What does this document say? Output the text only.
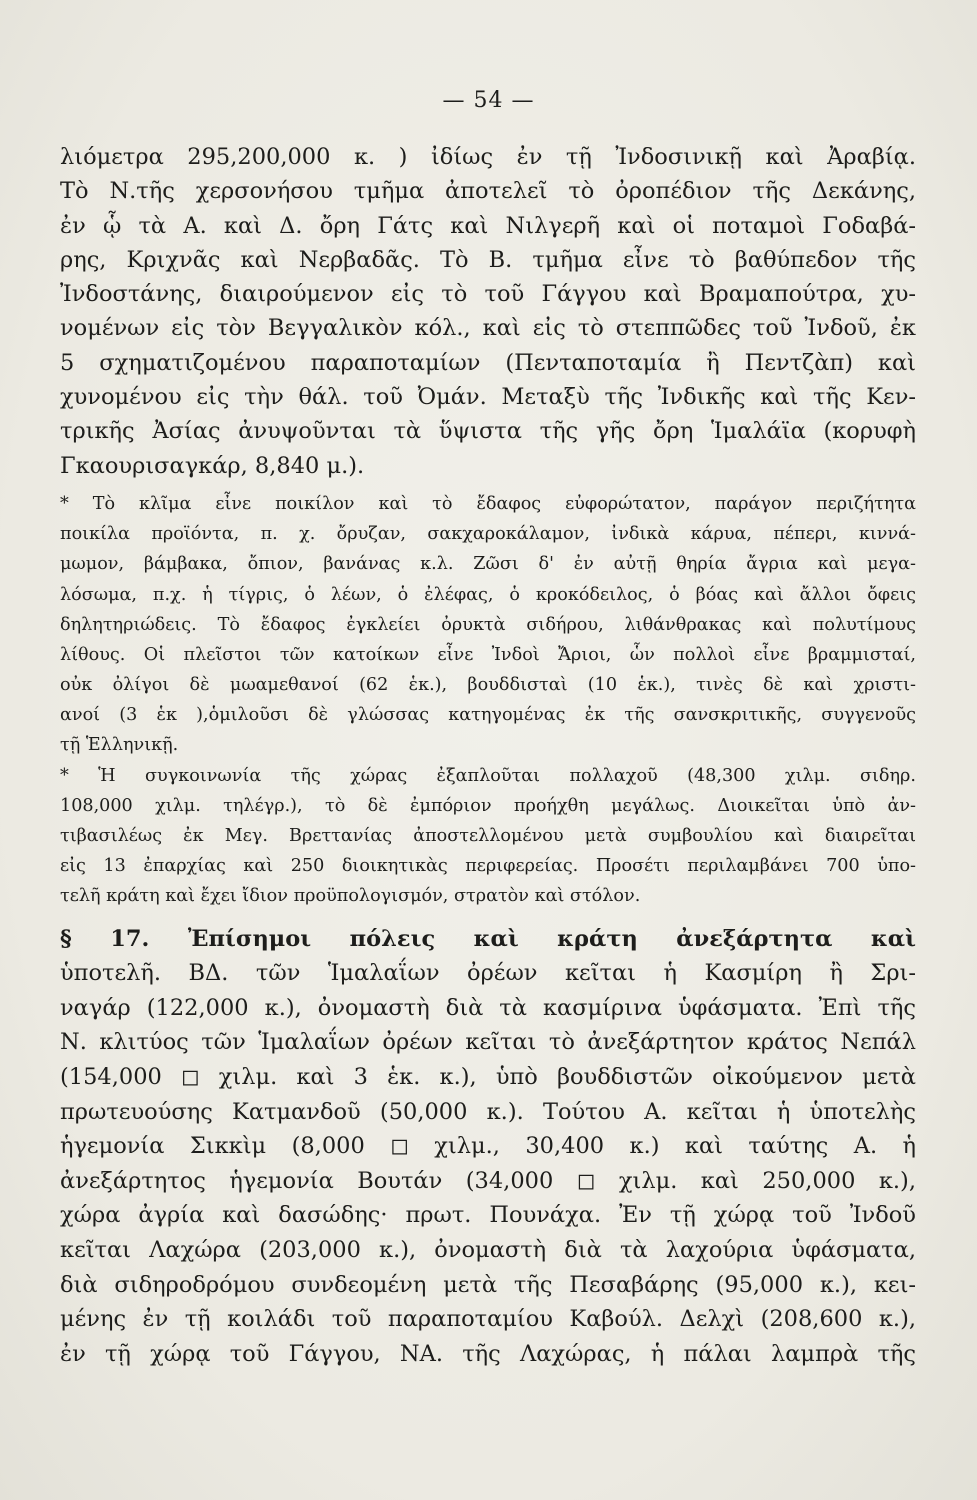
— 54 —
λιόμετρα 295,200,000 κ. ) ἰδίως ἐν τῇ Ἰνδοσινικῇ καὶ Ἀραβίᾳ.
Τὸ Ν.τῆς χερσονήσου τμῆμα ἀποτελεῖ τὸ ὀροπέδιον τῆς Δεκάνης,
ἐν ᾧ τὰ Α. καὶ Δ. ὄρη Γάτς καὶ Νιλγερῆ καὶ οἱ ποταμοὶ Γοδαβά-
ρης, Κριχνᾶς καὶ Νερβαδᾶς. Τὸ Β. τμῆμα εἶνε τὸ βαθύπεδον τῆς
Ἰνδοστάνης, διαιρούμενον εἰς τὸ τοῦ Γάγγου καὶ Βραμαπούτρα, χυ-
νομένων εἰς τὸν Βεγγαλικὸν κόλ., καὶ εἰς τὸ στεππῶδες τοῦ Ἰνδοῦ, ἐκ
5 σχηματιζομένου παραποταμίων (Πενταποταμία ἢ Πεντζὰπ) καὶ
χυνομένου εἰς τὴν θάλ. τοῦ Ὀμάν. Μεταξὺ τῆς Ἰνδικῆς καὶ τῆς Κεν-
τρικῆς Ἀσίας ἀνυψοῦνται τὰ ὕψιστα τῆς γῆς ὄρη Ἱμαλάϊα (κορυφὴ
Γκαουρισαγκάρ, 8,840 μ.).
* Τὸ κλῖμα εἶνε ποικίλον καὶ τὸ ἔδαφος εὐφορώτατον, παράγον περιζήτητα
ποικίλα προϊόντα, π. χ. ὄρυζαν, σακχαροκάλαμον, ἰνδικὰ κάρυα, πέπερι, κιννά-
μωμον, βάμβακα, ὄπιον, βανάνας κ.λ. Ζῶσι δ' ἐν αὐτῇ θηρία ἄγρια καὶ μεγα-
λόσωμα, π.χ. ἡ τίγρις, ὁ λέων, ὁ ἐλέφας, ὁ κροκόδειλος, ὁ βόας καὶ ἄλλοι ὄφεις
δηλητηριώδεις. Τὸ ἔδαφος ἐγκλείει ὀρυκτὰ σιδήρου, λιθάνθρακας καὶ πολυτίμους
λίθους. Οἱ πλεῖστοι τῶν κατοίκων εἶνε Ἰνδοὶ Ἄριοι, ὧν πολλοὶ εἶνε βραμμισταί,
οὐκ ὀλίγοι δὲ μωαμεθανοί (62 ἑκ.), βουδδισταὶ (10 ἑκ.), τινὲς δὲ καὶ χριστι-
ανοί (3 ἑκ ),ὁμιλοῦσι δὲ γλώσσας κατηγομένας ἐκ τῆς σανσκριτικῆς, συγγενοῦς
τῇ Ἑλληνικῇ.
* Ἡ συγκοινωνία τῆς χώρας ἐξαπλοῦται πολλαχοῦ (48,300 χιλμ. σιδηρ.
108,000 χιλμ. τηλέγρ.), τὸ δὲ ἐμπόριον προήχθη μεγάλως. Διοικεῖται ὑπὸ ἀν-
τιβασιλέως ἐκ Μεγ. Βρεττανίας ἀποστελλομένου μετὰ συμβουλίου καὶ διαιρεῖται
εἰς 13 ἐπαρχίας καὶ 250 διοικητικὰς περιφερείας. Προσέτι περιλαμβάνει 700 ὑπο-
τελῆ κράτη καὶ ἔχει ἴδιον προϋπολογισμόν, στρατὸν καὶ στόλον.
§ 17. Ἐπίσημοι πόλεις καὶ κράτη ἀνεξάρτητα καὶ
ὑποτελῆ. ΒΔ. τῶν Ἱμαλαΐων ὀρέων κεῖται ἡ Κασμίρη ἢ Σρι-
ναγάρ (122,000 κ.), ὀνομαστὴ διὰ τὰ κασμίρινα ὑφάσματα. Ἐπὶ τῆς
Ν. κλιτύος τῶν Ἱμαλαΐων ὀρέων κεῖται τὸ ἀνεξάρτητον κράτος Νεπάλ
(154,000 ◻ χιλμ. καὶ 3 ἑκ. κ.), ὑπὸ βουδδιστῶν οἰκούμενον μετὰ
πρωτευούσης Κατμανδοῦ (50,000 κ.). Τούτου Α. κεῖται ἡ ὑποτελὴς
ἡγεμονία Σικκὶμ (8,000 ◻ χιλμ., 30,400 κ.) καὶ ταύτης Α. ἡ
ἀνεξάρτητος ἡγεμονία Βουτάν (34,000 ◻ χιλμ. καὶ 250,000 κ.),
χώρα ἀγρία καὶ δασώδης· πρωτ. Πουνάχα. Ἐν τῇ χώρᾳ τοῦ Ἰνδοῦ
κεῖται Λαχώρα (203,000 κ.), ὀνομαστὴ διὰ τὰ λαχούρια ὑφάσματα,
διὰ σιδηροδρόμου συνδεομένη μετὰ τῆς Πεσαβάρης (95,000 κ.), κει-
μένης ἐν τῇ κοιλάδι τοῦ παραποταμίου Καβούλ. Δελχὶ (208,600 κ.),
ἐν τῇ χώρᾳ τοῦ Γάγγου, ΝΑ. τῆς Λαχώρας, ἡ πάλαι λαμπρὰ τῆς
